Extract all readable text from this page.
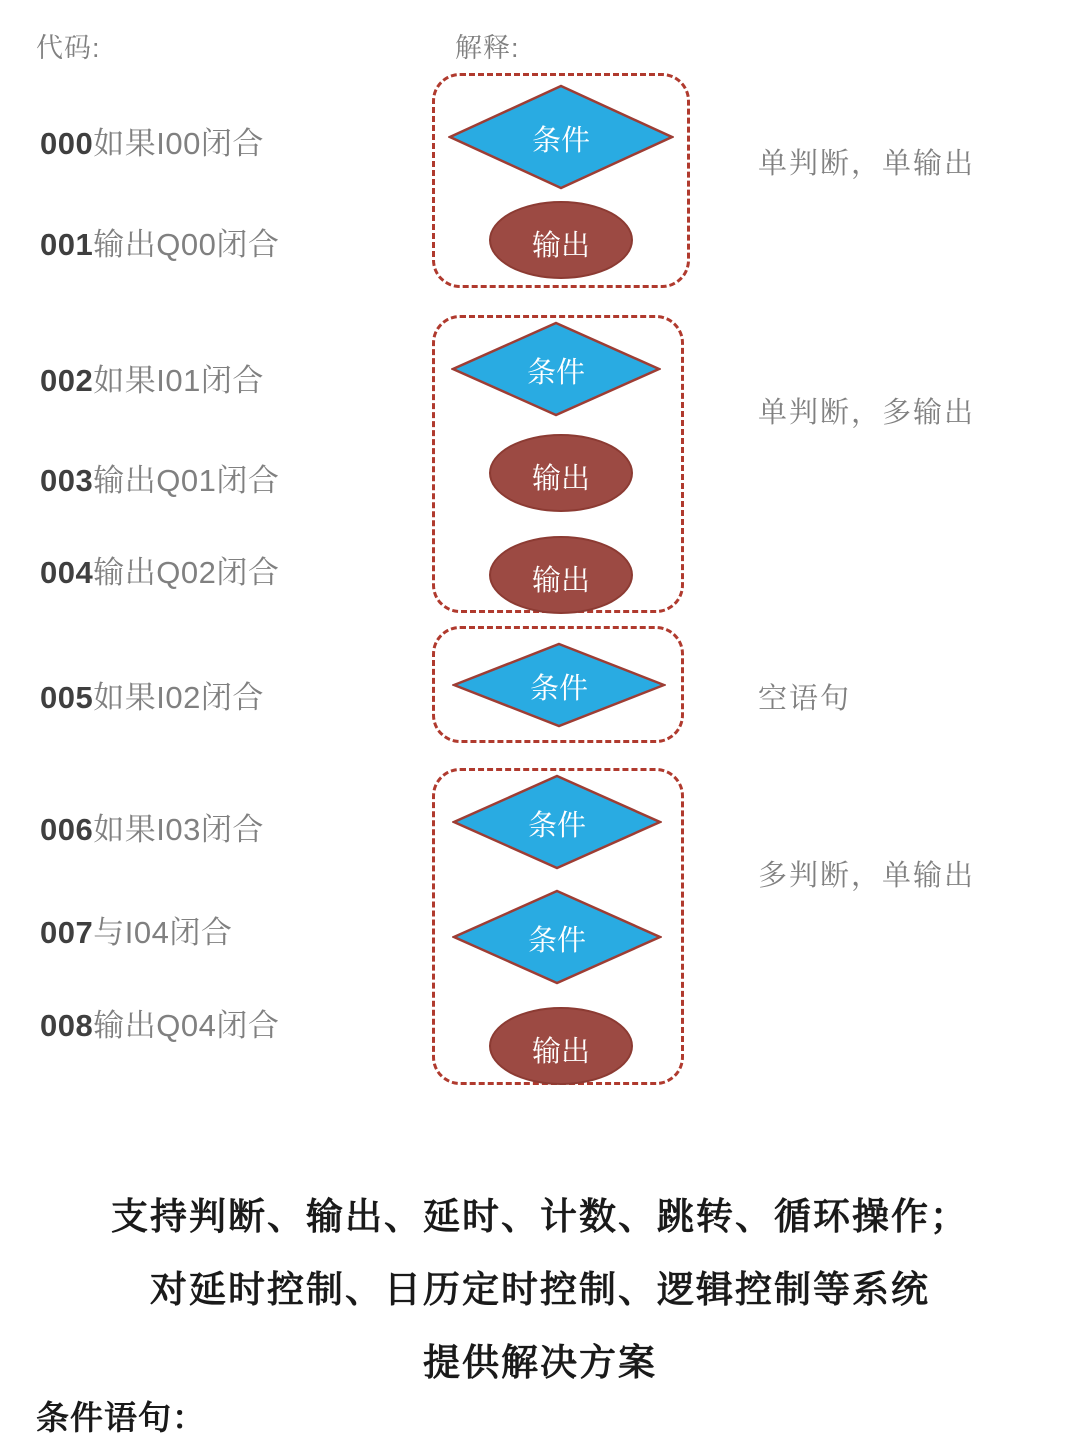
代码:	解释:
000如果I00闭合
001输出Q00闭合
002如果I01闭合
003输出Q01闭合
004输出Q02闭合
005如果I02闭合
006如果I03闭合
007与I04闭合
008输出Q04闭合
条件
输出
单判断，单输出
条件
输出
输出
单判断，多输出
条件	空语句
条件
条件
输出
多判断，单输出
支持判断、输出、延时、计数、跳转、循环操作；
对延时控制、日历定时控制、逻辑控制等系统
提供解决方案
条件语句：
